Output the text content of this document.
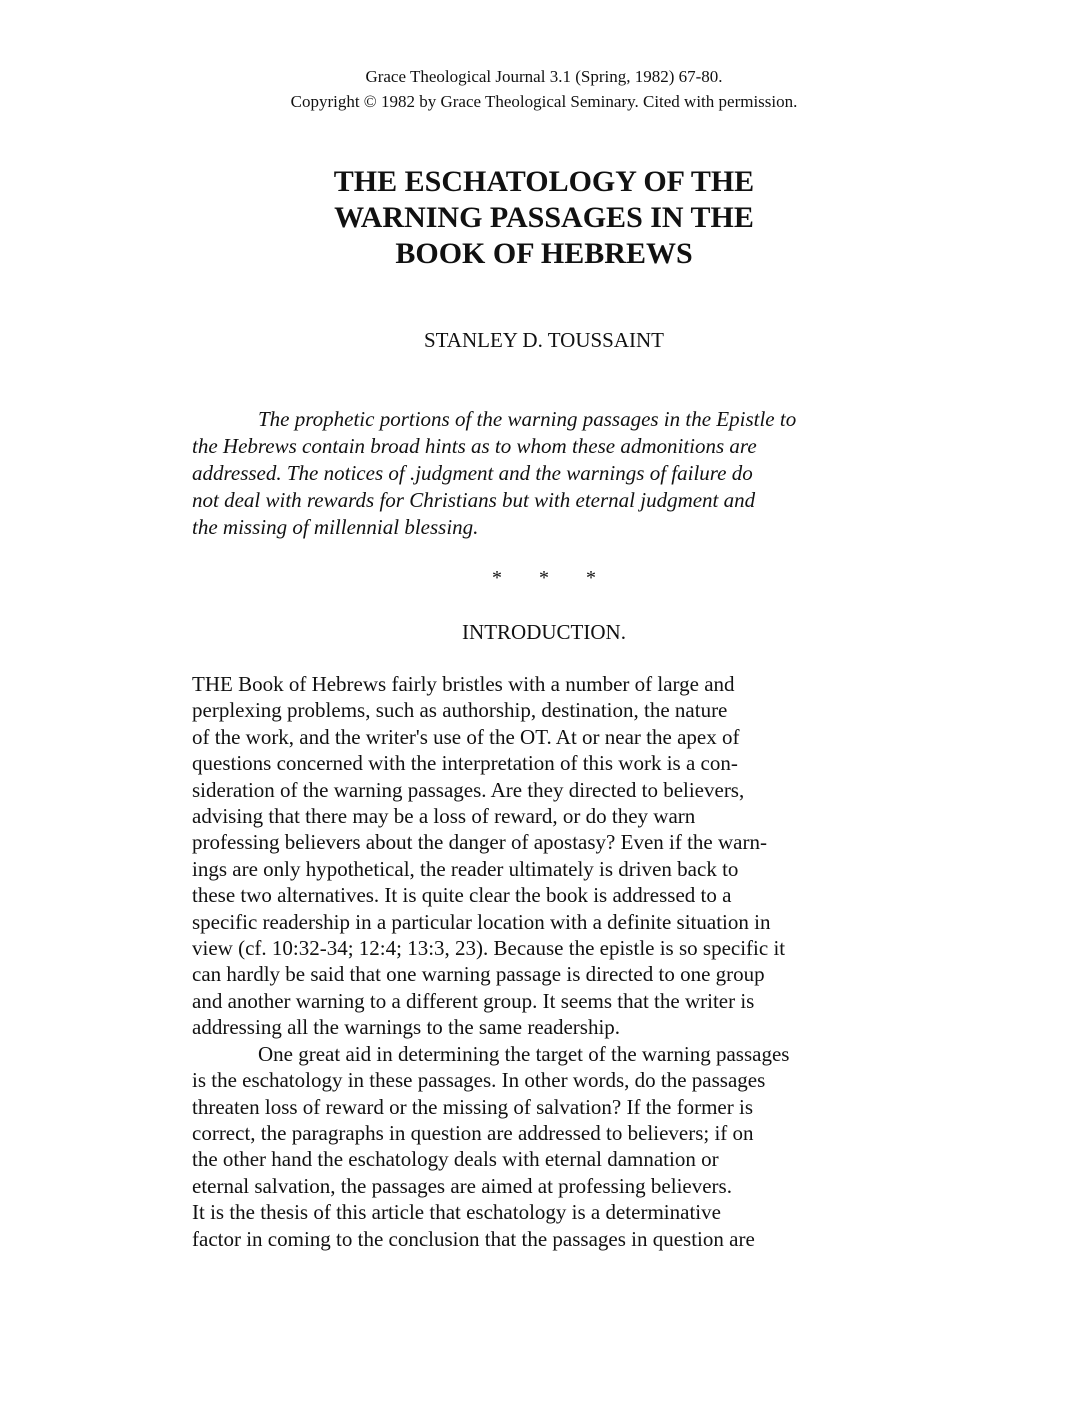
Grace Theological Journal 3.1 (Spring, 1982) 67-80.
Copyright © 1982 by Grace Theological Seminary. Cited with permission.
THE ESCHATOLOGY OF THE
WARNING PASSAGES IN THE
BOOK OF HEBREWS
STANLEY D. TOUSSAINT
The prophetic portions of the warning passages in the Epistle to
the Hebrews contain broad hints as to whom these admonitions are
addressed. The notices of .judgment and the warnings of failure do
not deal with rewards for Christians but with eternal judgment and
the missing of millennial blessing.
* * *
INTRODUCTION.
THE Book of Hebrews fairly bristles with a number of large and
perplexing problems, such as authorship, destination, the nature
of the work, and the writer's use of the OT. At or near the apex of
questions concerned with the interpretation of this work is a con-
sideration of the warning passages. Are they directed to believers,
advising that there may be a loss of reward, or do they warn
professing believers about the danger of apostasy? Even if the warn-
ings are only hypothetical, the reader ultimately is driven back to
these two alternatives. It is quite clear the book is addressed to a
specific readership in a particular location with a definite situation in
view (cf. 10:32-34; 12:4; 13:3, 23). Because the epistle is so specific it
can hardly be said that one warning passage is directed to one group
and another warning to a different group. It seems that the writer is
addressing all the warnings to the same readership.
One great aid in determining the target of the warning passages
is the eschatology in these passages. In other words, do the passages
threaten loss of reward or the missing of salvation? If the former is
correct, the paragraphs in question are addressed to believers; if on
the other hand the eschatology deals with eternal damnation or
eternal salvation, the passages are aimed at professing believers.
It is the thesis of this article that eschatology is a determinative
factor in coming to the conclusion that the passages in question are
